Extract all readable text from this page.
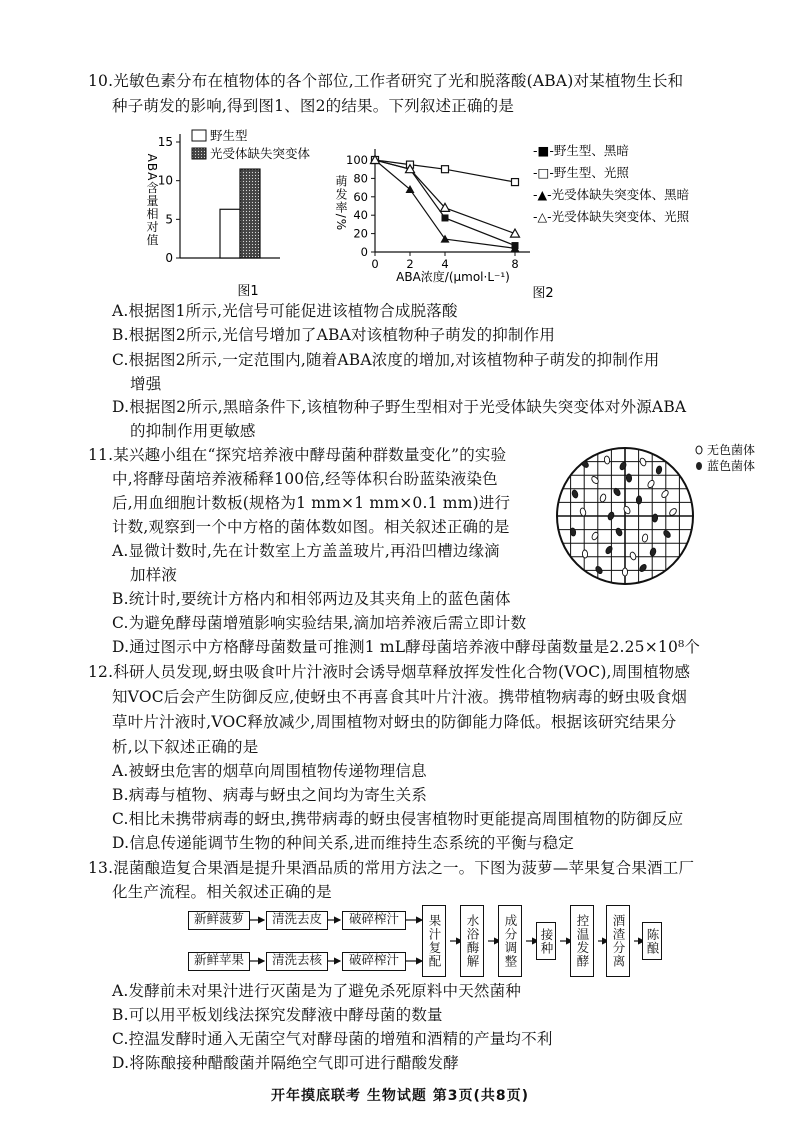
10.光敏色素分布在植物体的各个部位,工作者研究了光和脱落酸(ABA)对某植物生长和
种子萌发的影响,得到图1、图2的结果。下列叙述正确的是
0
5
10
15
ABA含量相对值
野生型
光受体缺失突变体
图1
0
20
40
60
80
100
0 2 4	8
萌发率/%
ABA浓度/(μmol·L⁻¹)
图2
-■-野生型、黑暗
-□-野生型、光照
-▲-光受体缺失突变体、黑暗
-△-光受体缺失突变体、光照
A.根据图1所示,光信号可能促进该植物合成脱落酸
B.根据图2所示,光信号增加了ABA对该植物种子萌发的抑制作用
C.根据图2所示,一定范围内,随着ABA浓度的增加,对该植物种子萌发的抑制作用
增强
D.根据图2所示,黑暗条件下,该植物种子野生型相对于光受体缺失突变体对外源ABA
的抑制作用更敏感
11.某兴趣小组在“探究培养液中酵母菌种群数量变化”的实验
中,将酵母菌培养液稀释100倍,经等体积台盼蓝染液染色
后,用血细胞计数板(规格为1 mm×1 mm×0.1 mm)进行
计数,观察到一个中方格的菌体数如图。相关叙述正确的是
A.显微计数时,先在计数室上方盖盖玻片,再沿凹槽边缘滴
加样液
B.统计时,要统计方格内和相邻两边及其夹角上的蓝色菌体
C.为避免酵母菌增殖影响实验结果,滴加培养液后需立即计数
D.通过图示中方格酵母菌数量可推测1 mL酵母菌培养液中酵母菌数量是2.25×10⁸个
无色菌体
蓝色菌体
12.科研人员发现,蚜虫吸食叶片汁液时会诱导烟草释放挥发性化合物(VOC),周围植物感
知VOC后会产生防御反应,使蚜虫不再喜食其叶片汁液。携带植物病毒的蚜虫吸食烟
草叶片汁液时,VOC释放减少,周围植物对蚜虫的防御能力降低。根据该研究结果分
析,以下叙述正确的是
A.被蚜虫危害的烟草向周围植物传递物理信息
B.病毒与植物、病毒与蚜虫之间均为寄生关系
C.相比未携带病毒的蚜虫,携带病毒的蚜虫侵害植物时更能提高周围植物的防御反应
D.信息传递能调节生物的种间关系,进而维持生态系统的平衡与稳定
13.混菌酿造复合果酒是提升果酒品质的常用方法之一。下图为菠萝—苹果复合果酒工厂
化生产流程。相关叙述正确的是
新鲜菠萝	清洗去皮	破碎榨汁
新鲜苹果	清洗去核	破碎榨汁	果汁复配 水浴酶解 成分调整 接种 控温发酵 酒渣分离 陈酿
A.发酵前未对果汁进行灭菌是为了避免杀死原料中天然菌种
B.可以用平板划线法探究发酵液中酵母菌的数量
C.控温发酵时通入无菌空气对酵母菌的增殖和酒精的产量均不利
D.将陈酿接种醋酸菌并隔绝空气即可进行醋酸发酵
开年摸底联考 生物试题 第3页(共8页)
